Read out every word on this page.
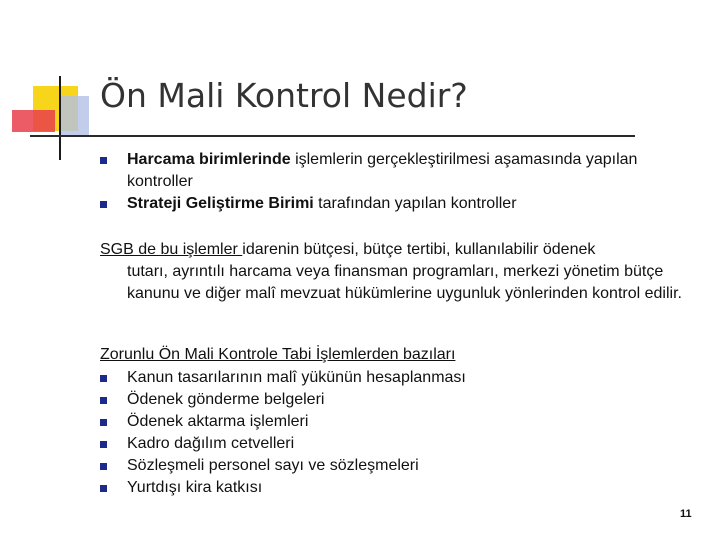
Ön Mali Kontrol Nedir?
Harcama birimlerinde işlemlerin gerçekleştirilmesi aşamasında yapılan kontroller
Strateji Geliştirme Birimi tarafından yapılan kontroller

SGB de bu işlemler idarenin bütçesi, bütçe tertibi, kullanılabilir ödenek
tutarı, ayrıntılı harcama veya finansman programları, merkezi yönetim bütçe kanunu ve diğer malî mevzuat hükümlerine uygunluk yönlerinden kontrol edilir.

Zorunlu Ön Mali Kontrole Tabi İşlemlerden bazıları

Kanun tasarılarının malî yükünün hesaplanması
Ödenek gönderme belgeleri
Ödenek aktarma işlemleri
Kadro dağılım cetvelleri
Sözleşmeli personel sayı ve sözleşmeleri
Yurtdışı kira katkısı
11
